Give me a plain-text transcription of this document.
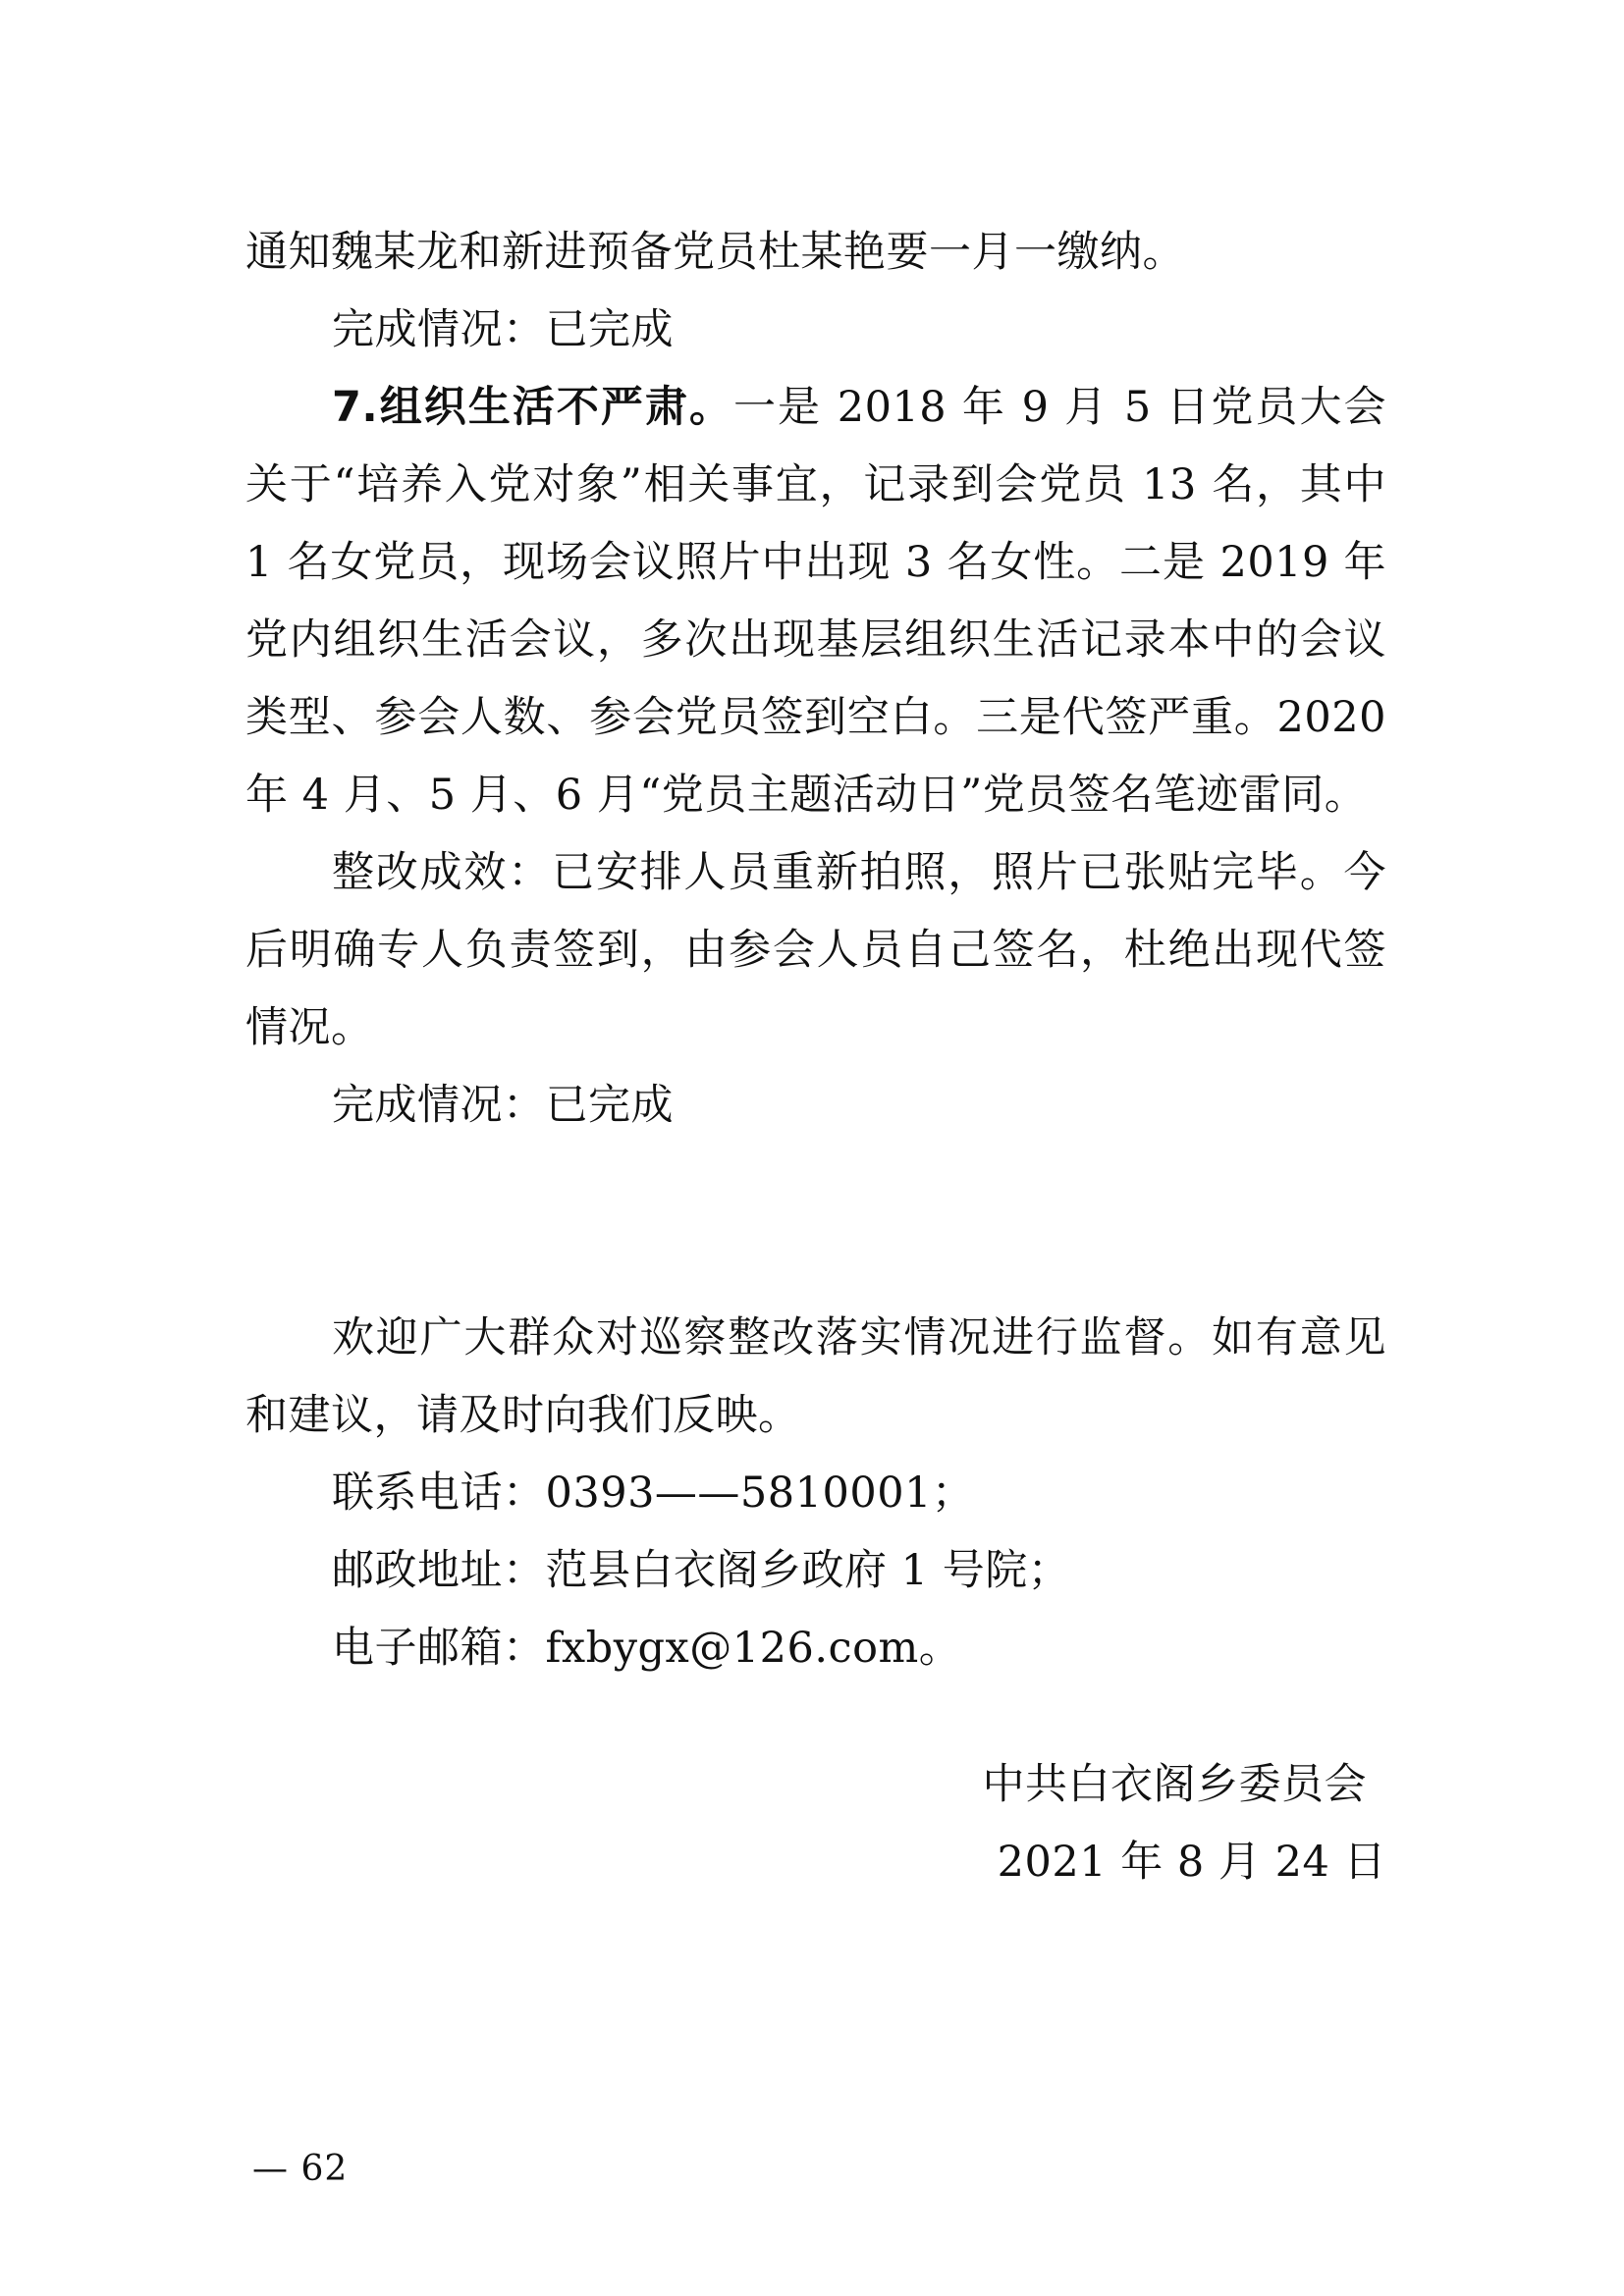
通知魏某龙和新进预备党员杜某艳要一月一缴纳。

完成情况：已完成

7.组织生活不严肃。一是 2018 年 9 月 5 日党员大会关于“培养入党对象”相关事宜，记录到会党员 13 名，其中 1 名女党员，现场会议照片中出现 3 名女性。二是 2019 年党内组织生活会议，多次出现基层组织生活记录本中的会议类型、参会人数、参会党员签到空白。三是代签严重。2020 年 4 月、5 月、6 月“党员主题活动日”党员签名笔迹雷同。

整改成效：已安排人员重新拍照，照片已张贴完毕。今后明确专人负责签到，由参会人员自己签名，杜绝出现代签情况。

完成情况：已完成

欢迎广大群众对巡察整改落实情况进行监督。如有意见和建议，请及时向我们反映。

联系电话：0393——5810001；

邮政地址：范县白衣阁乡政府 1 号院；

电子邮箱：fxbygx@126.com。

中共白衣阁乡委员会
2021 年 8 月 24 日
— 62
